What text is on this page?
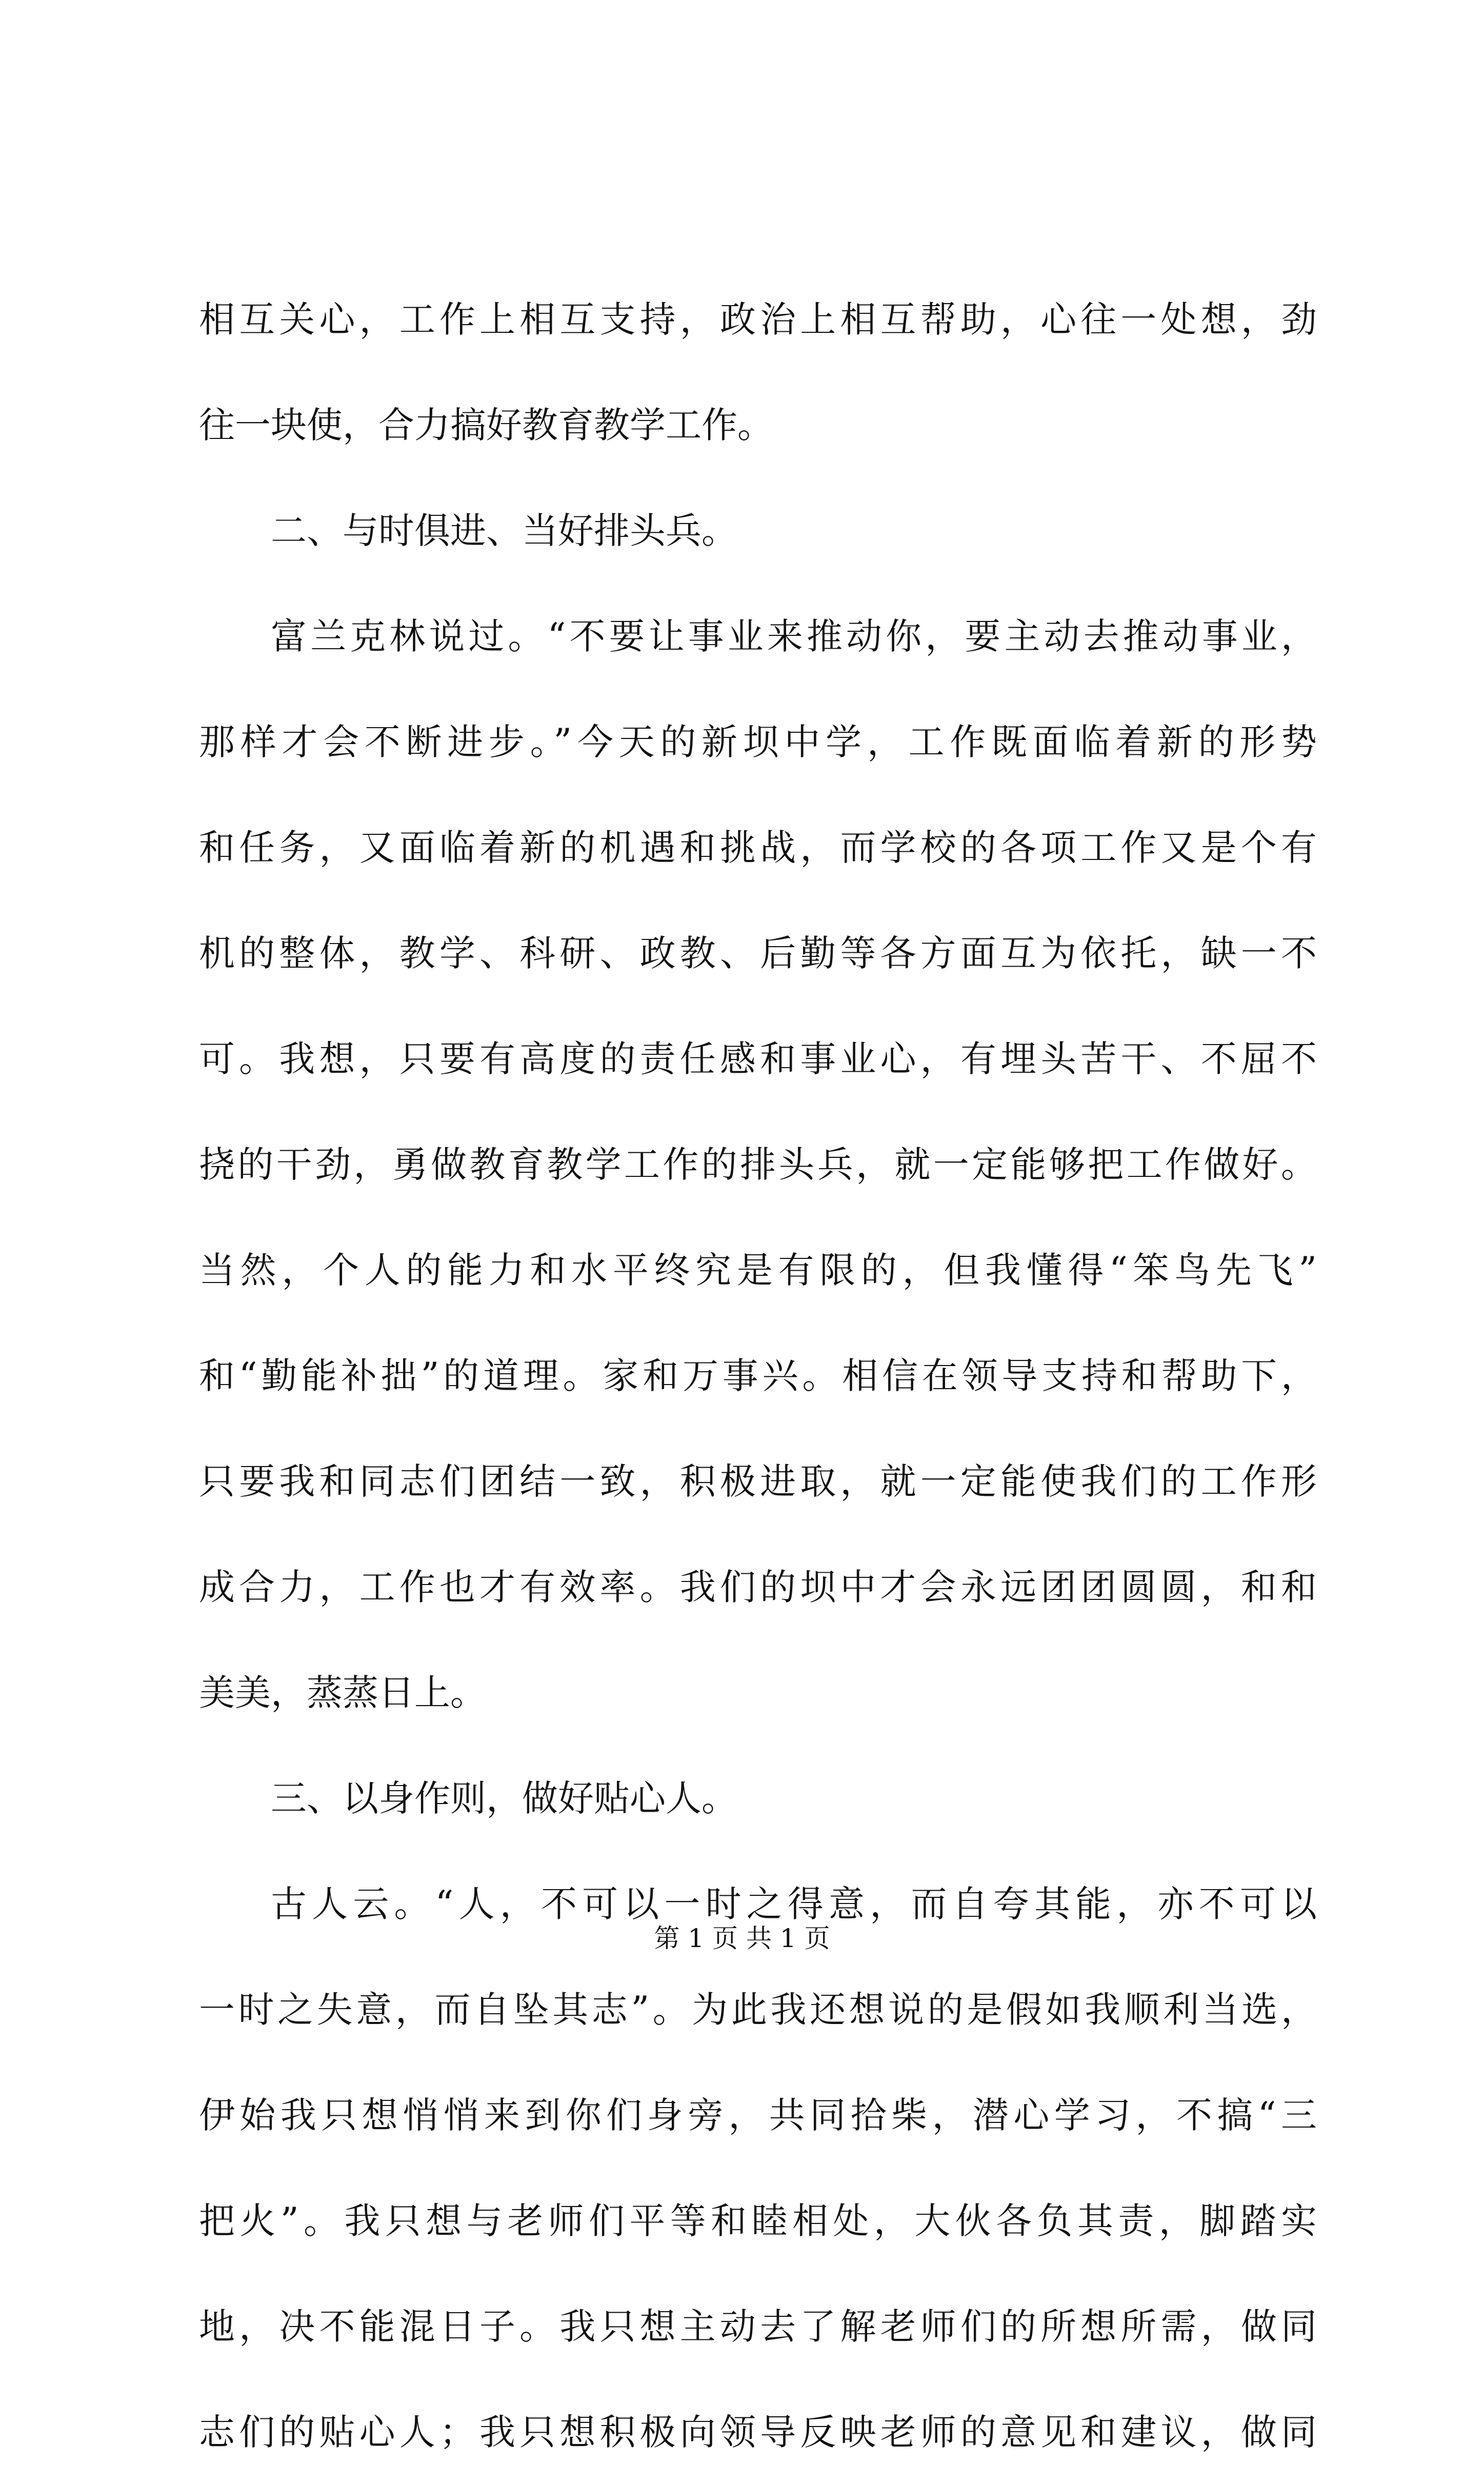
相互关心，工作上相互支持，政治上相互帮助，心往一处想，劲
往一块使，合力搞好教育教学工作。
二、与时俱进、当好排头兵。
富兰克林说过。“不要让事业来推动你，要主动去推动事业，
那样才会不断进步。”今天的新坝中学，工作既面临着新的形势
和任务，又面临着新的机遇和挑战，而学校的各项工作又是个有
机的整体，教学、科研、政教、后勤等各方面互为依托，缺一不
可。我想，只要有高度的责任感和事业心，有埋头苦干、不屈不
挠的干劲，勇做教育教学工作的排头兵，就一定能够把工作做好。
当然，个人的能力和水平终究是有限的，但我懂得“笨鸟先飞”
和“勤能补拙”的道理。家和万事兴。相信在领导支持和帮助下，
只要我和同志们团结一致，积极进取，就一定能使我们的工作形
成合力，工作也才有效率。我们的坝中才会永远团团圆圆，和和
美美，蒸蒸日上。
三、以身作则，做好贴心人。
古人云。“人，不可以一时之得意，而自夸其能，亦不可以
一时之失意，而自坠其志”。为此我还想说的是假如我顺利当选，
伊始我只想悄悄来到你们身旁，共同拾柴，潜心学习，不搞“三
把火”。我只想与老师们平等和睦相处，大伙各负其责，脚踏实
地，决不能混日子。我只想主动去了解老师们的所想所需，做同
志们的贴心人；我只想积极向领导反映老师的意见和建议，做同
第 1 页 共 1 页
